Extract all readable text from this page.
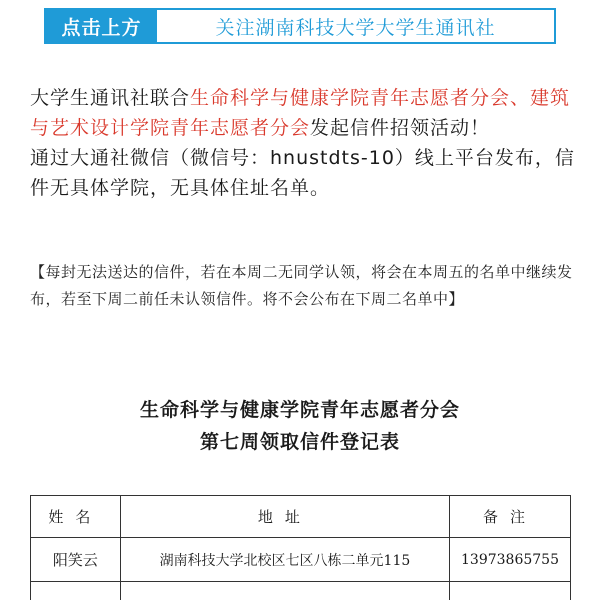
点击上方	关注湖南科技大学大学生通讯社
大学生通讯社联合生命科学与健康学院青年志愿者分会、建筑与艺术设计学院青年志愿者分会发起信件招领活动！
通过大通社微信（微信号：hnustdts-10）线上平台发布，信件无具体学院，无具体住址名单。
【每封无法送达的信件，若在本周二无同学认领，将会在本周五的名单中继续发布，若至下周二前任未认领信件。将不会公布在下周二名单中】
生命科学与健康学院青年志愿者分会
第七周领取信件登记表
姓名	地址	备注
阳笑云	湖南科技大学北校区七区八栋二单元115	13973865755
